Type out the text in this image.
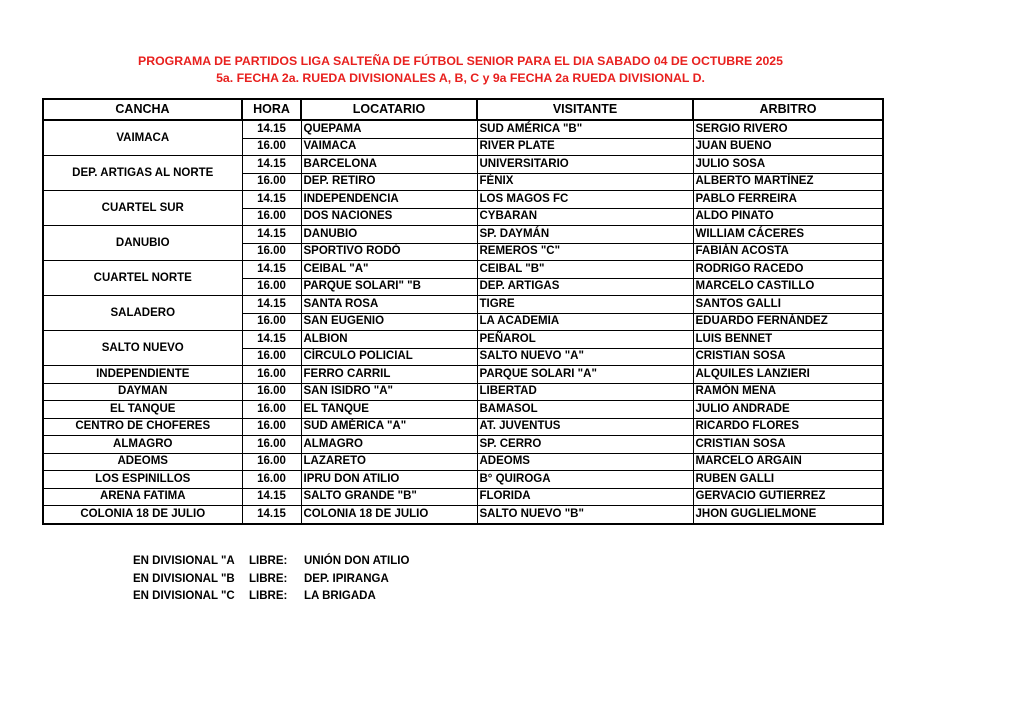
PROGRAMA DE PARTIDOS LIGA SALTEÑA DE FÚTBOL SENIOR PARA EL DIA SABADO 04 DE OCTUBRE 2025
5a. FECHA 2a. RUEDA DIVISIONALES A, B, C y 9a FECHA 2a RUEDA DIVISIONAL D.
CANCHA	HORA	LOCATARIO	VISITANTE	ARBITRO
VAIMACA	14.15	QUEPAMA	SUD AMÉRICA "B"	SERGIO RIVERO
	16.00	VAIMACA	RIVER PLATE	JUAN BUENO
DEP. ARTIGAS AL NORTE	14.15	BARCELONA	UNIVERSITARIO	JULIO SOSA
	16.00	DEP. RETIRO	FÉNIX	ALBERTO MARTÍNEZ
CUARTEL SUR	14.15	INDEPENDENCIA	LOS MAGOS FC	PABLO FERREIRA
	16.00	DOS NACIONES	CYBARAN	ALDO PINATO
DANUBIO	14.15	DANUBIO	SP. DAYMÁN	WILLIAM CÁCERES
	16.00	SPORTIVO RODÓ	REMEROS "C"	FABIÁN ACOSTA
CUARTEL NORTE	14.15	CEIBAL "A"	CEIBAL "B"	RODRIGO RACEDO
	16.00	PARQUE SOLARI" "B	DEP. ARTIGAS	MARCELO CASTILLO
SALADERO	14.15	SANTA ROSA	TIGRE	SANTOS GALLI
	16.00	SAN EUGENIO	LA ACADEMIA	EDUARDO FERNÁNDEZ
SALTO NUEVO	14.15	ALBION	PEÑAROL	LUIS BENNET
	16.00	CÍRCULO POLICIAL	SALTO NUEVO "A"	CRISTIAN SOSA
INDEPENDIENTE	16.00	FERRO CARRIL	PARQUE SOLARI "A"	ALQUILES LANZIERI
DAYMAN	16.00	SAN ISIDRO "A"	LIBERTAD	RAMÓN MENA
EL TANQUE	16.00	EL TANQUE	BAMASOL	JULIO ANDRADE
CENTRO DE CHOFERES	16.00	SUD AMÉRICA "A"	AT. JUVENTUS	RICARDO FLORES
ALMAGRO	16.00	ALMAGRO	SP. CERRO	CRISTIAN SOSA
ADEOMS	16.00	LAZARETO	ADEOMS	MARCELO ARGAIN
LOS ESPINILLOS	16.00	IPRU DON ATILIO	B° QUIROGA	RUBEN GALLI
ARENA FATIMA	14.15	SALTO GRANDE "B"	FLORIDA	GERVACIO GUTIERREZ
COLONIA 18 DE JULIO	14.15	COLONIA 18 DE JULIO	SALTO NUEVO "B"	JHON GUGLIELMONE
EN DIVISIONAL "A LIBRE: UNIÓN DON ATILIO
EN DIVISIONAL "B LIBRE: DEP. IPIRANGA
EN DIVISIONAL "C LIBRE: LA BRIGADA
